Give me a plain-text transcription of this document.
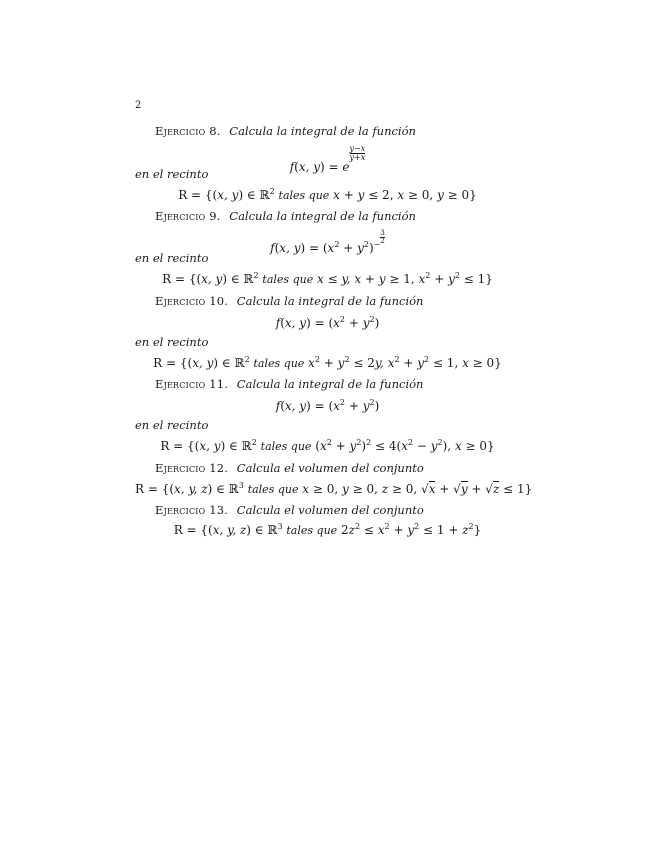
2
Ejercicio 8. Calcula la integral de la función
f(x, y) = e
$^{\frac{y-x}{y+x}}$
en el recinto
R = {(x, y) ∈ ℝ$^2$ tales que x + y ≤ 2, x ≥ 0, y ≥ 0}
Ejercicio 9. Calcula la integral de la función
f(x, $y) = (x^2 + y^2)^{- \frac{3}{2}}$
en el recinto
R = {(x, y) ∈ ℝ$^2$ tales que x ≤ y, x + y ≥ 1, $x^2 + y^2 \le 1$}
Ejercicio 10. Calcula la integral de la función
f(x, $y) = (x^2 + y^2)$
en el recinto
R = {(x, y) ∈ ℝ$^2$ tales que $x^2 + y^2 \le 2y$, $x^2 + y^2 \le 1$, x ≥ 0}
Ejercicio 11. Calcula la integral de la función
f(x, $y) = (x^2 + y^2)$
en el recinto
R = {(x, y) ∈ ℝ$^2$ tales que $(x^2 + y^2)^2 \le 4(x^2 - y^2)$, x ≥ 0}
Ejercicio 12. Calcula el volumen del conjunto
R = {(x, y, z) ∈ ℝ$^3$ tales que x ≥ 0, y ≥ 0, z ≥ 0, √x + √y + √z ≤ 1}
Ejercicio 13. Calcula el volumen del conjunto
R = {(x, y, z) ∈ ℝ$^3$ tales que $2z^2 \le x^2 + y^2 \le 1 + z^2$}
